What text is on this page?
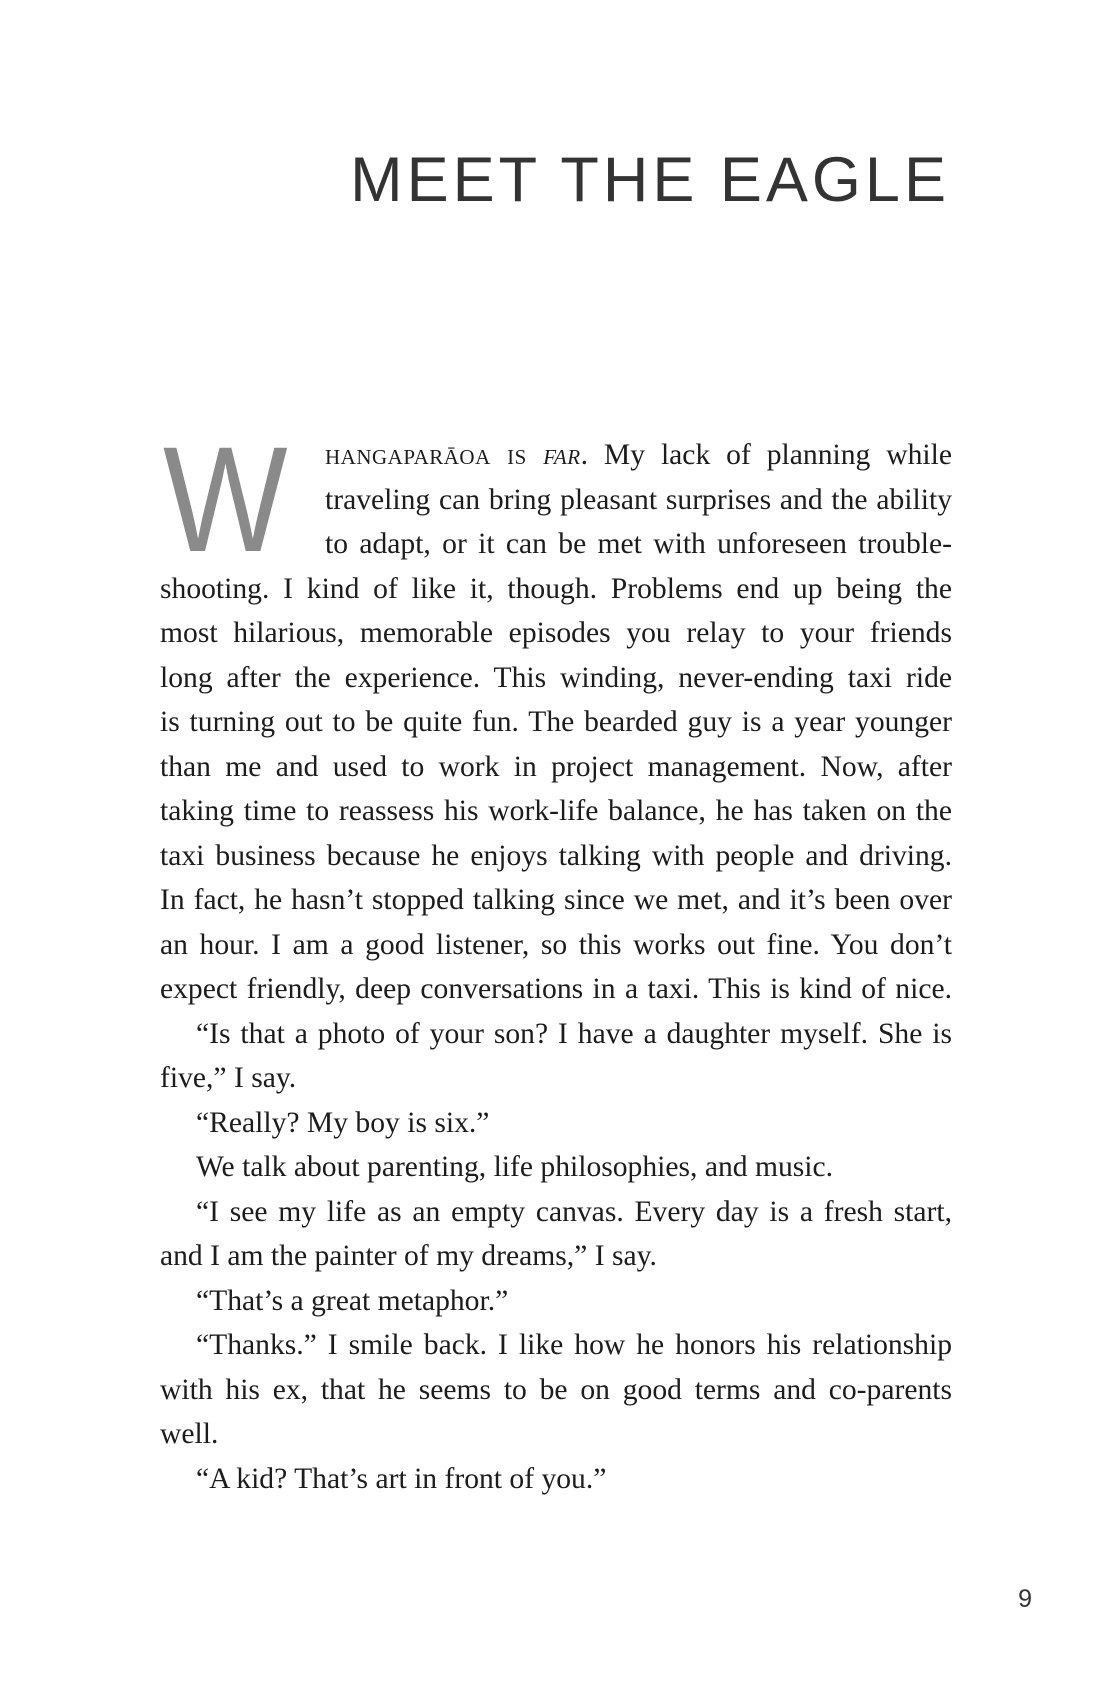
MEET THE EAGLE
W	hangaparāoa is far. My lack of planning while
traveling can bring pleasant surprises and the ability
to adapt, or it can be met with unforeseen trouble-
shooting. I kind of like it, though. Problems end up being the
most hilarious, memorable episodes you relay to your friends
long after the experience. This winding, never-ending taxi ride
is turning out to be quite fun. The bearded guy is a year younger
than me and used to work in project management. Now, after
taking time to reassess his work-life balance, he has taken on the
taxi business because he enjoys talking with people and driving.
In fact, he hasn’t stopped talking since we met, and it’s been over
an hour. I am a good listener, so this works out fine. You don’t
expect friendly, deep conversations in a taxi. This is kind of nice.
“Is that a photo of your son? I have a daughter myself. She is
five,” I say.
“Really? My boy is six.”
We talk about parenting, life philosophies, and music.
“I see my life as an empty canvas. Every day is a fresh start,
and I am the painter of my dreams,” I say.
“That’s a great metaphor.”
“Thanks.” I smile back. I like how he honors his relationship
with his ex, that he seems to be on good terms and co-parents
well.
“A kid? That’s art in front of you.”
9
